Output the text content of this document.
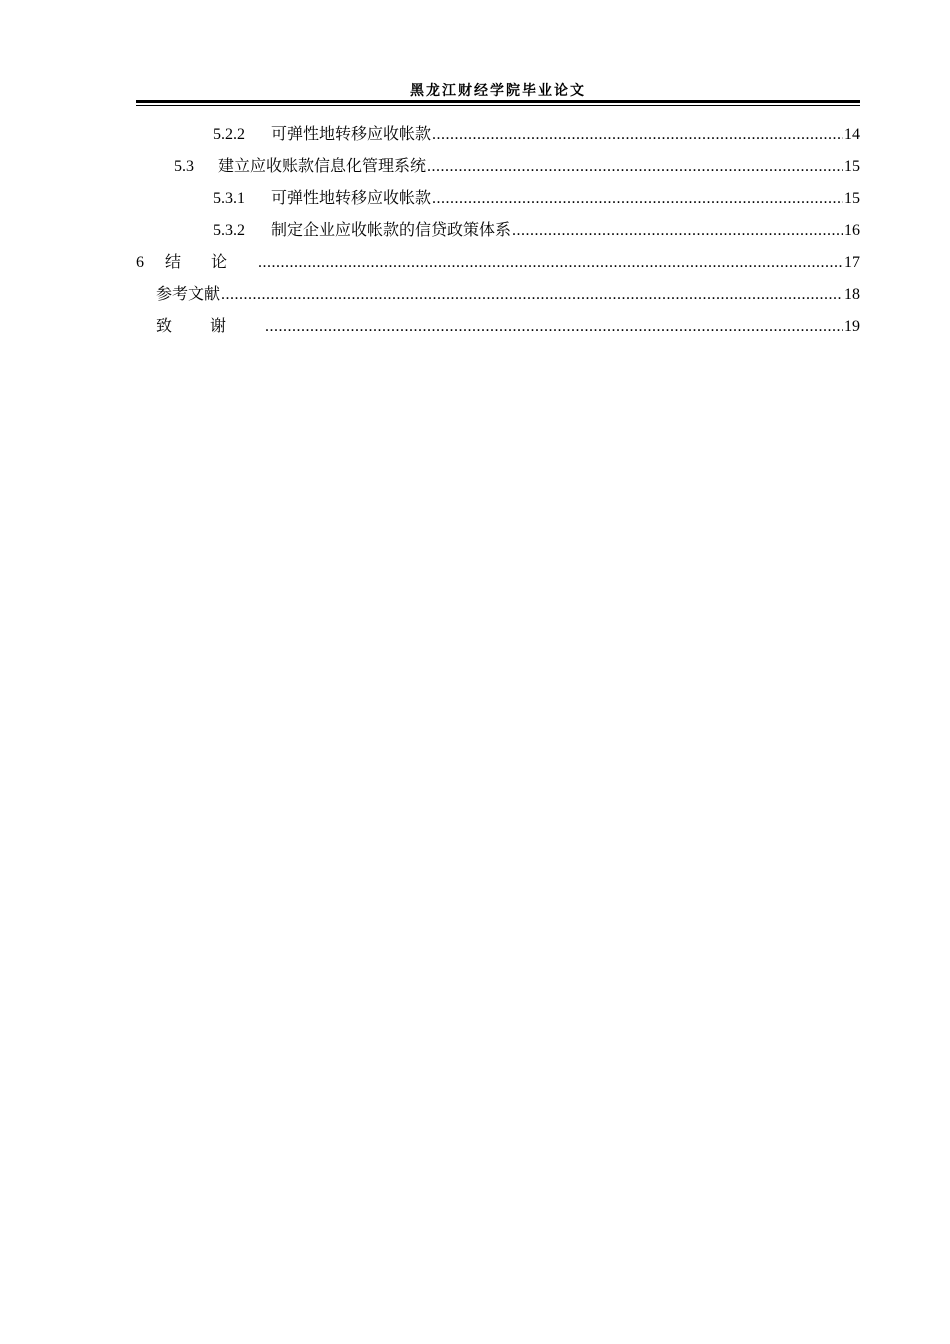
黑龙江财经学院毕业论文
5.2.2	可弹性地转移应收帐款 .....	14
5.3	建立应收账款信息化管理系统 .....	15
5.3.1	可弹性地转移应收帐款 .....	15
5.3.2	制定企业应收帐款的信贷政策体系 .....	16
6	结论 .....	17
参考文献 .....	18
致谢 .....	19
